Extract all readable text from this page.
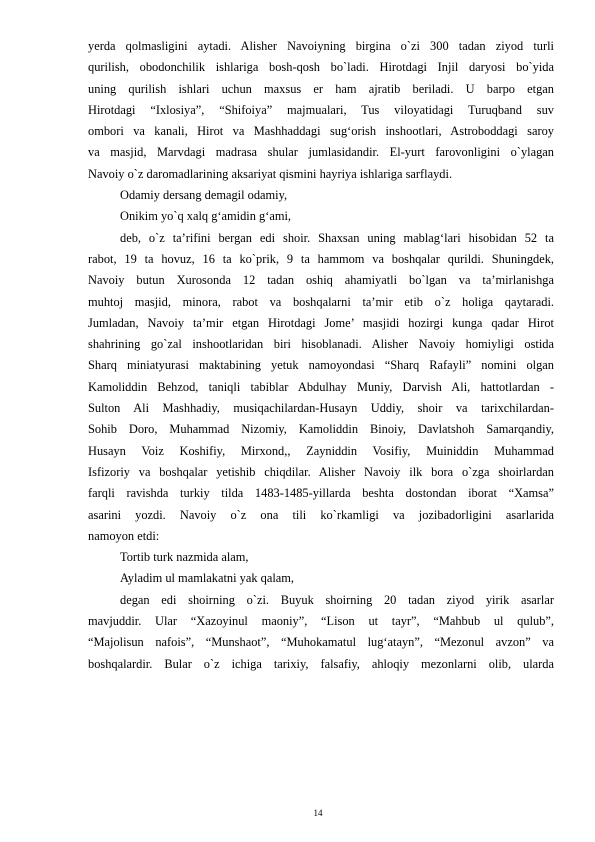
yerda qolmasligini aytadi. Alisher Navoiyning birgina o`zi 300 tadan ziyod turli
qurilish, obodonchilik ishlariga bosh-qosh bo`ladi. Hirotdagi Injil daryosi bo`yida
uning qurilish ishlari uchun maxsus er ham ajratib beriladi. U barpo etgan
Hirotdagi “Ixlosiya”, “Shifoiya” majmualari, Tus viloyatidagi Turuqband suv
ombori va kanali, Hirot va Mashhaddagi sug‘orish inshootlari, Astroboddagi saroy
va masjid, Marvdagi madrasa shular jumlasidandir. El-yurt farovonligini o`ylagan
Navoiy o`z daromadlarining aksariyat qismini hayriya ishlariga sarflaydi.
Odamiy dersang demagil odamiy,
Onikim yo`q xalq g‘amidin g‘ami,
deb, o`z ta’rifini bergan edi shoir. Shaxsan uning mablag‘lari hisobidan 52 ta
rabot, 19 ta hovuz, 16 ta ko`prik, 9 ta hammom va boshqalar qurildi. Shuningdek,
Navoiy butun Xurosonda 12 tadan oshiq ahamiyatli bo`lgan va ta’mirlanishga
muhtoj masjid, minora, rabot va boshqalarni ta’mir etib o`z holiga qaytaradi.
Jumladan, Navoiy ta’mir etgan Hirotdagi Jome’ masjidi hozirgi kunga qadar Hirot
shahrining go`zal inshootlaridan biri hisoblanadi. Alisher Navoiy homiyligi ostida
Sharq miniatyurasi maktabining yetuk namoyondasi “Sharq Rafayli” nomini olgan
Kamoliddin Behzod, taniqli tabiblar Abdulhay Muniy, Darvish Ali, hattotlardan -
Sulton Ali Mashhadiy, musiqachilardan-Husayn Uddiy, shoir va tarixchilardan-
Sohib Doro, Muhammad Nizomiy, Kamoliddin Binoiy, Davlatshoh Samarqandiy,
Husayn Voiz Koshifiy, Mirxond,, Zayniddin Vosifiy, Muiniddin Muhammad
Isfizoriy va boshqalar yetishib chiqdilar. Alisher Navoiy ilk bora o`zga shoirlardan
farqli ravishda turkiy tilda 1483-1485-yillarda beshta dostondan iborat “Xamsa”
asarini yozdi. Navoiy o`z ona tili ko`rkamligi va jozibadorligini asarlarida
namoyon etdi:
Tortib turk nazmida alam,
Ayladim ul mamlakatni yak qalam,
degan edi shoirning o`zi. Buyuk shoirning 20 tadan ziyod yirik asarlar
mavjuddir. Ular “Xazoyinul maoniy”, “Lison ut tayr”, “Mahbub ul qulub”,
“Majolisun nafois”, “Munshaot”, “Muhokamatul lug‘atayn”, “Mezonul avzon” va
boshqalardir. Bular o`z ichiga tarixiy, falsafiy, ahloqiy mezonlarni olib, ularda
14
